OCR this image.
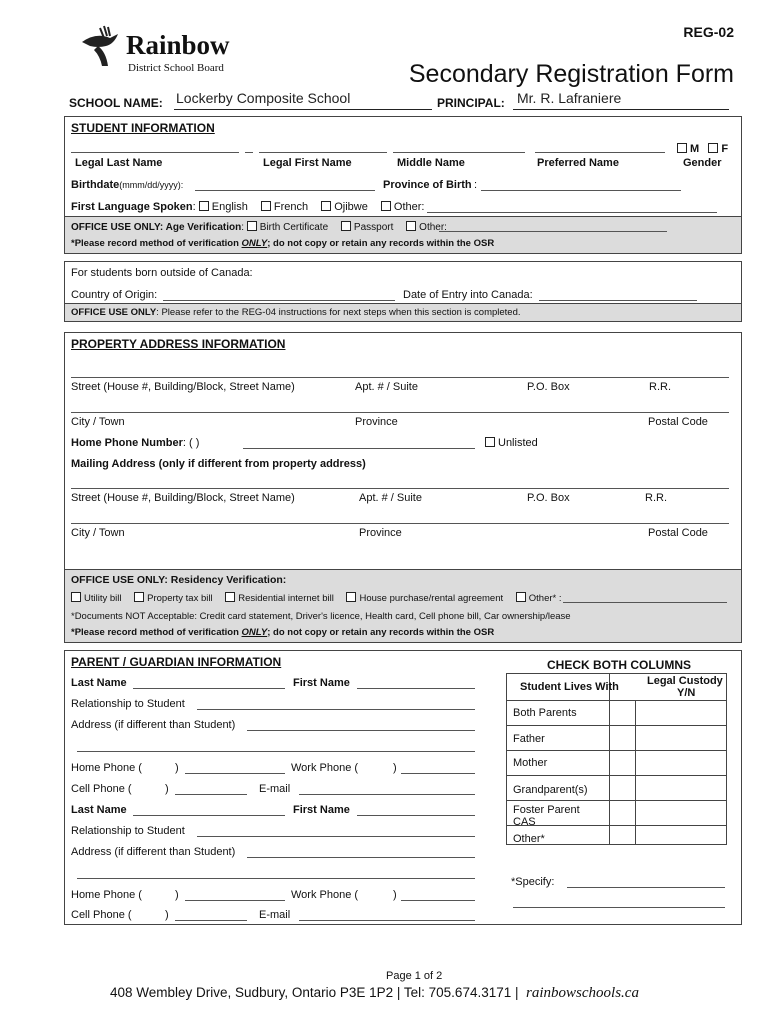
REG-02
Rainbow
District School Board	Secondary Registration Form
SCHOOL NAME: Lockerby Composite School	PRINCIPAL: Mr. R. Lafraniere
STUDENT INFORMATION
M F
Legal Last Name	Legal First Name	Middle Name	Preferred Name	Gender
Birthdate(mmm/dd/yyyy):	Province of Birth :
First Language Spoken: English French Ojibwe Other:
OFFICE USE ONLY: Age Verification: Birth Certificate	Passport	Other:
*Please record method of verification ONLY; do not copy or retain any records within the OSR
For students born outside of Canada:
Country of Origin:	Date of Entry into Canada:
OFFICE USE ONLY: Please refer to the REG-04 instructions for next steps when this section is completed.
PROPERTY ADDRESS INFORMATION
Street (House #, Building/Block, Street Name)	Apt. # / Suite	P.O. Box	R.R.
City / Town	Province	Postal Code
Home Phone Number: ( )	Unlisted
Mailing Address (only if different from property address)
Street (House #, Building/Block, Street Name)	Apt. # / Suite	P.O. Box	R.R.
City / Town	Province	Postal Code
OFFICE USE ONLY: Residency Verification:
Utility bill	Property tax bill	Residential internet bill	House purchase/rental agreement	Other* :
*Documents NOT Acceptable: Credit card statement, Driver's licence, Health card, Cell phone bill, Car ownership/lease
*Please record method of verification ONLY; do not copy or retain any records within the OSR
PARENT / GUARDIAN INFORMATION
Last Name	First Name
Relationship to Student
Address (if different than Student)
Home Phone (	)	Work Phone (	)
Cell Phone (	)	E-mail
Last Name	First Name
Relationship to Student
Address (if different than Student)
Home Phone (	)	Work Phone (	)
Cell Phone (	)	E-mail
CHECK BOTH COLUMNS
Student Lives With	Legal Custody
Y/N
Both Parents
Father
Mother
Grandparent(s)
Foster Parent
CAS
Other*
*Specify:
Page 1 of 2
408 Wembley Drive, Sudbury, Ontario P3E 1P2 | Tel: 705.674.3171 | rainbowschools.ca
